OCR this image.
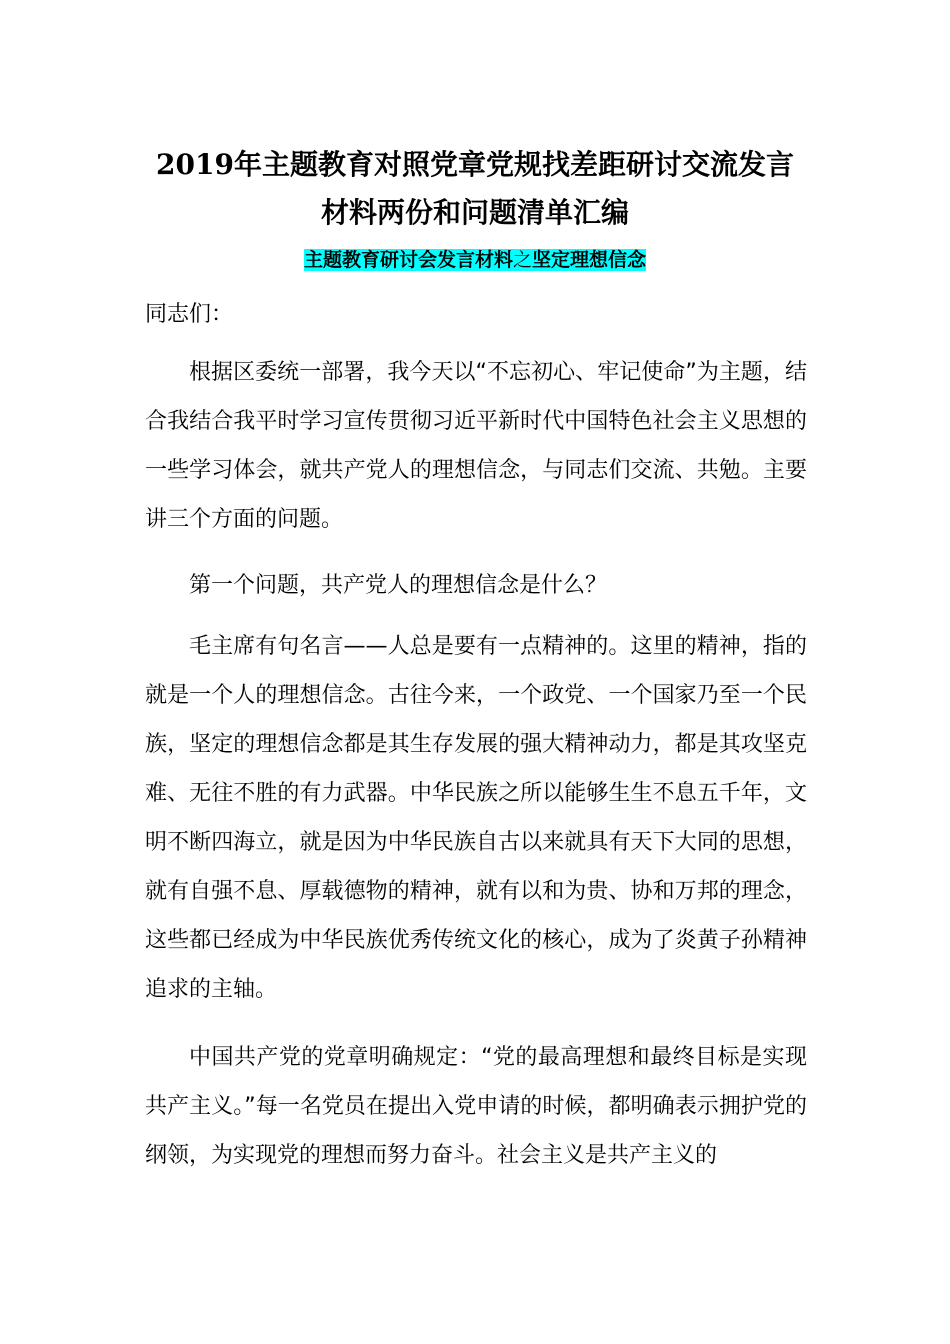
2019年主题教育对照党章党规找差距研讨交流发言
材料两份和问题清单汇编
主题教育研讨会发言材料之坚定理想信念
同志们：

根据区委统一部署，我今天以“不忘初心、牢记使命”为主题，结合我结合我平时学习宣传贯彻习近平新时代中国特色社会主义思想的一些学习体会，就共产党人的理想信念，与同志们交流、共勉。主要讲三个方面的问题。

第一个问题，共产党人的理想信念是什么？

毛主席有句名言——人总是要有一点精神的。这里的精神，指的就是一个人的理想信念。古往今来，一个政党、一个国家乃至一个民族，坚定的理想信念都是其生存发展的强大精神动力，都是其攻坚克难、无往不胜的有力武器。中华民族之所以能够生生不息五千年，文明不断四海立，就是因为中华民族自古以来就具有天下大同的思想，就有自强不息、厚载德物的精神，就有以和为贵、协和万邦的理念，这些都已经成为中华民族优秀传统文化的核心，成为了炎黄子孙精神追求的主轴。

中国共产党的党章明确规定：“党的最高理想和最终目标是实现共产主义。”每一名党员在提出入党申请的时候，都明确表示拥护党的纲领，为实现党的理想而努力奋斗。社会主义是共产主义的
